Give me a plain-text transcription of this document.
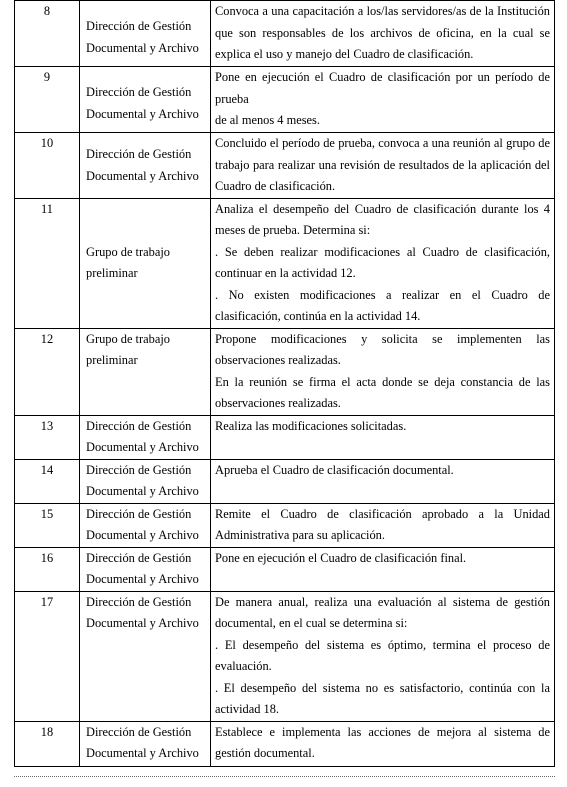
8	Dirección de Gestión Documental y Archivo	Convoca a una capacitación a los/las servidores/as de la Institución que son responsables de los archivos de oficina, en la cual se explica el uso y manejo del Cuadro de clasificación.

9	Dirección de Gestión Documental y Archivo	Pone en ejecución el Cuadro de clasificación por un período de prueba

de al menos 4 meses.

10	Dirección de Gestión Documental y Archivo	Concluido el período de prueba, convoca a una reunión al grupo de trabajo para realizar una revisión de resultados de la aplicación del Cuadro de clasificación.

11	Grupo de trabajo preliminar	Analiza el desempeño del Cuadro de clasificación durante los 4 meses de prueba. Determina si:

. Se deben realizar modificaciones al Cuadro de clasificación, continuar en la actividad 12.

. No existen modificaciones a realizar en el Cuadro de clasificación, continúa en la actividad 14.

12	Grupo de trabajo preliminar	Propone modificaciones y solicita se implementen las observaciones realizadas.

En la reunión se firma el acta donde se deja constancia de las observaciones realizadas.

13	Dirección de Gestión Documental y Archivo	Realiza las modificaciones solicitadas.

14	Dirección de Gestión Documental y Archivo	Aprueba el Cuadro de clasificación documental.

15	Dirección de Gestión Documental y Archivo	Remite el Cuadro de clasificación aprobado a la Unidad Administrativa para su aplicación.

16	Dirección de Gestión Documental y Archivo	Pone en ejecución el Cuadro de clasificación final.

17	Dirección de Gestión Documental y Archivo	De manera anual, realiza una evaluación al sistema de gestión documental, en el cual se determina si:

. El desempeño del sistema es óptimo, termina el proceso de evaluación.

. El desempeño del sistema no es satisfactorio, continúa con la actividad 18.

18	Dirección de Gestión Documental y Archivo	Establece e implementa las acciones de mejora al sistema de gestión documental.
